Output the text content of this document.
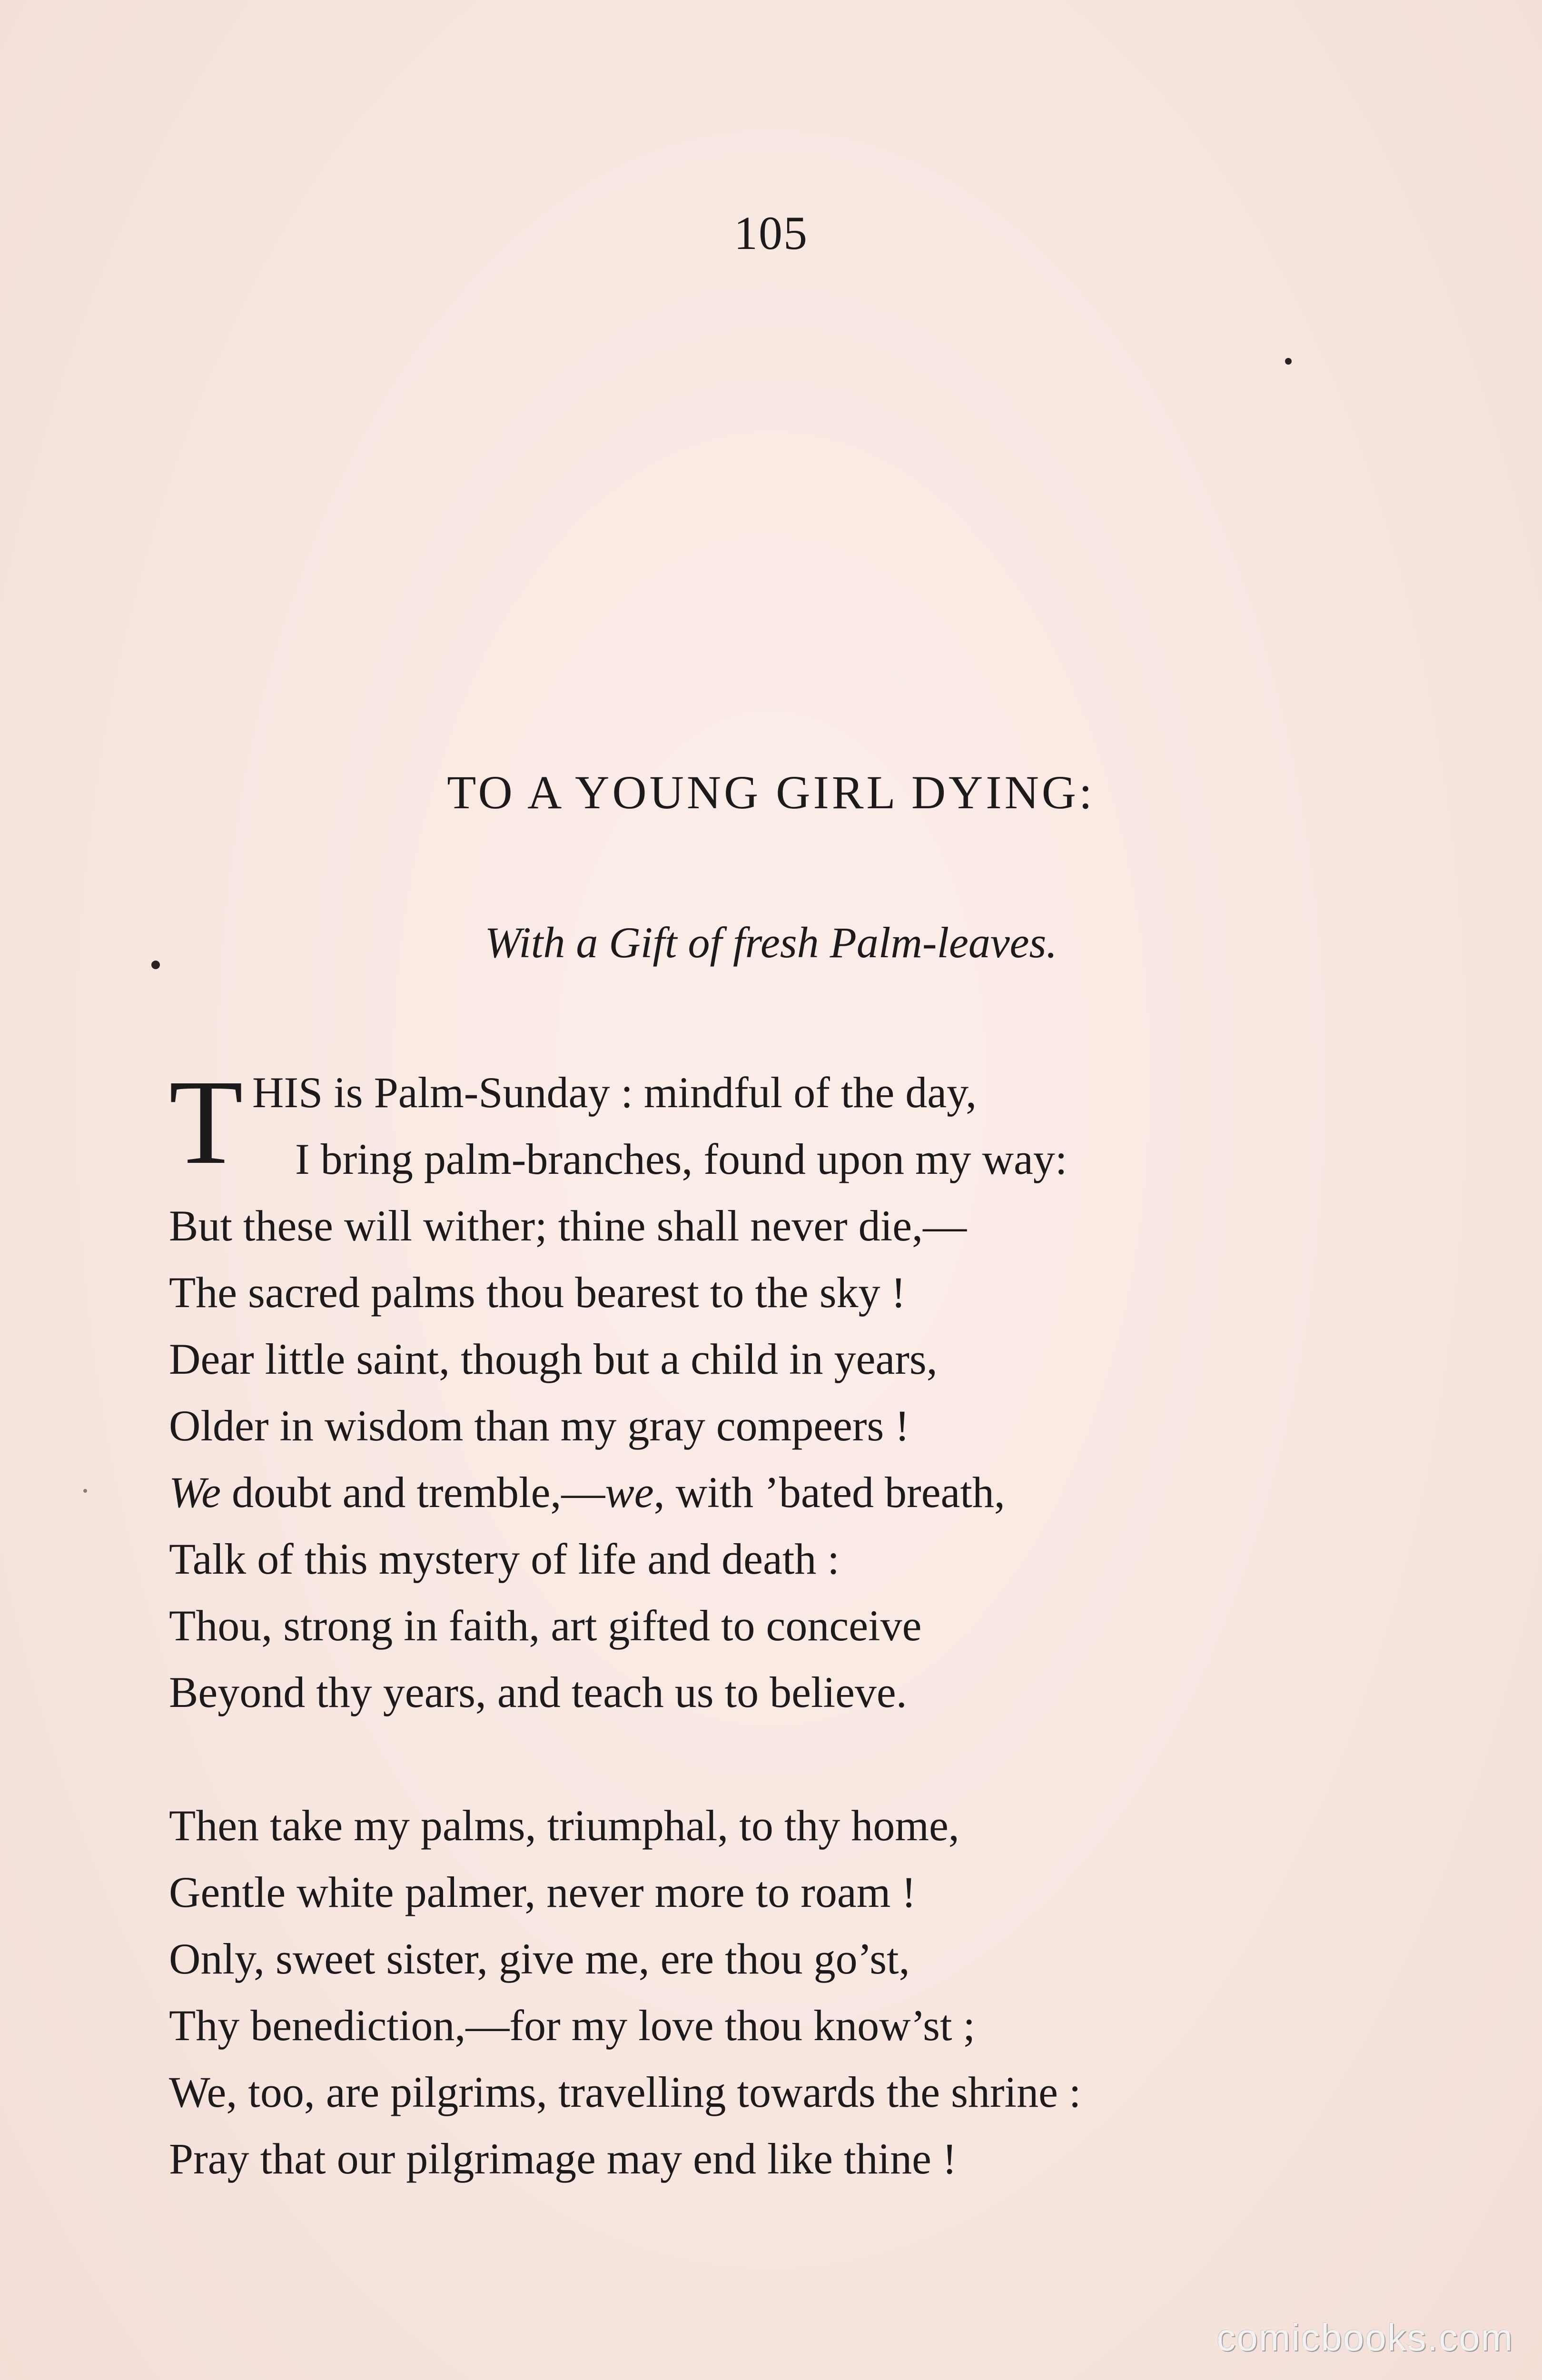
105
TO A YOUNG GIRL DYING:
With a Gift of fresh Palm-leaves.
T HIS is Palm-Sunday : mindful of the day,
I bring palm-branches, found upon my way:
But these will wither; thine shall never die,—
The sacred palms thou bearest to the sky !
Dear little saint, though but a child in years,
Older in wisdom than my gray compeers !
We doubt and tremble,—we, with ’bated breath,
Talk of this mystery of life and death :
Thou, strong in faith, art gifted to conceive
Beyond thy years, and teach us to believe.
Then take my palms, triumphal, to thy home,
Gentle white palmer, never more to roam !
Only, sweet sister, give me, ere thou go’st,
Thy benediction,—for my love thou know’st ;
We, too, are pilgrims, travelling towards the shrine :
Pray that our pilgrimage may end like thine !
comicbooks.com
